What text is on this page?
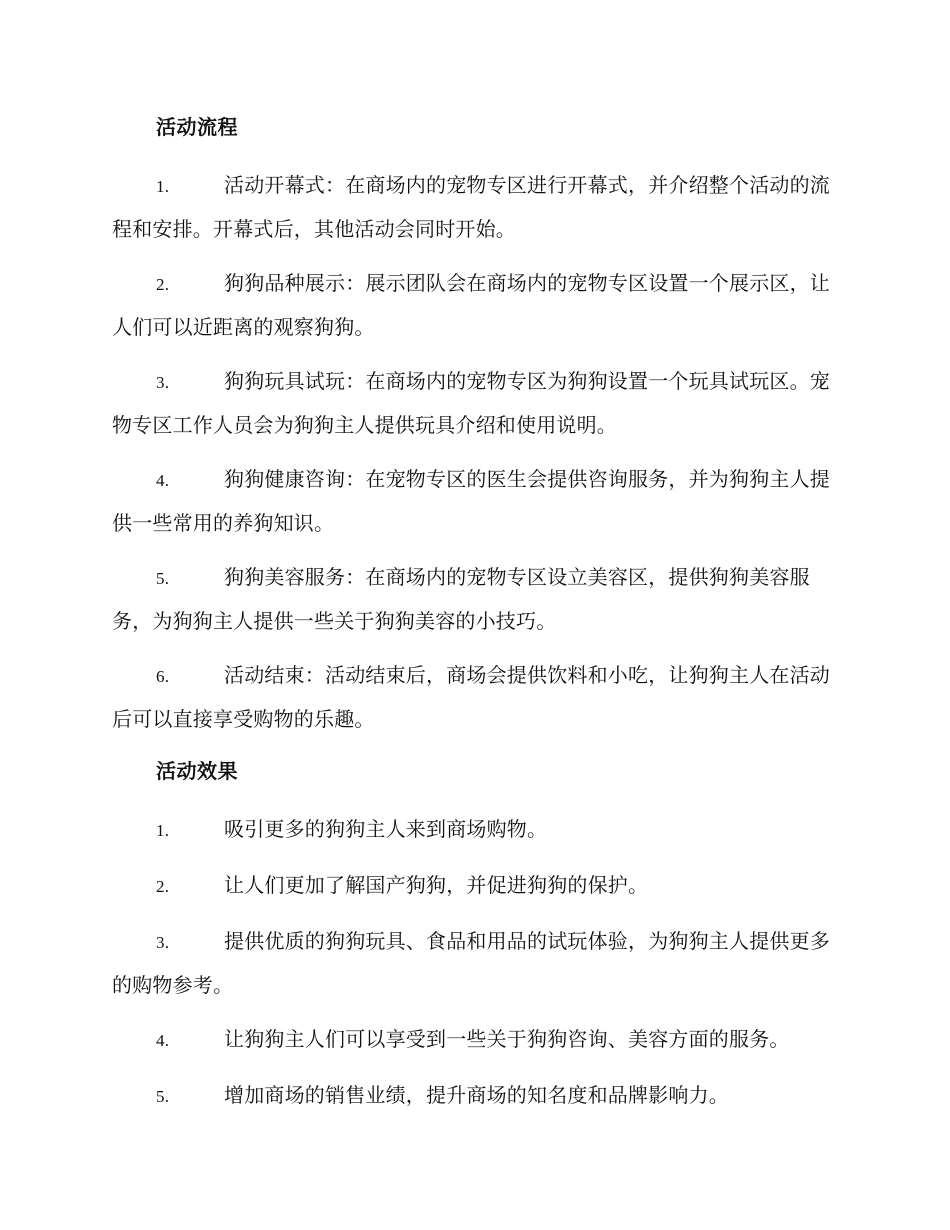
活动流程
1.	活动开幕式：在商场内的宠物专区进行开幕式，并介绍整个活动的流程和安排。开幕式后，其他活动会同时开始。
2.	狗狗品种展示：展示团队会在商场内的宠物专区设置一个展示区，让人们可以近距离的观察狗狗。
3.	狗狗玩具试玩：在商场内的宠物专区为狗狗设置一个玩具试玩区。宠物专区工作人员会为狗狗主人提供玩具介绍和使用说明。
4.	狗狗健康咨询：在宠物专区的医生会提供咨询服务，并为狗狗主人提供一些常用的养狗知识。
5.	狗狗美容服务：在商场内的宠物专区设立美容区，提供狗狗美容服务，为狗狗主人提供一些关于狗狗美容的小技巧。
6.	活动结束：活动结束后，商场会提供饮料和小吃，让狗狗主人在活动后可以直接享受购物的乐趣。
活动效果
1.	吸引更多的狗狗主人来到商场购物。
2.	让人们更加了解国产狗狗，并促进狗狗的保护。
3.	提供优质的狗狗玩具、食品和用品的试玩体验，为狗狗主人提供更多的购物参考。
4.	让狗狗主人们可以享受到一些关于狗狗咨询、美容方面的服务。
5.	增加商场的销售业绩，提升商场的知名度和品牌影响力。
